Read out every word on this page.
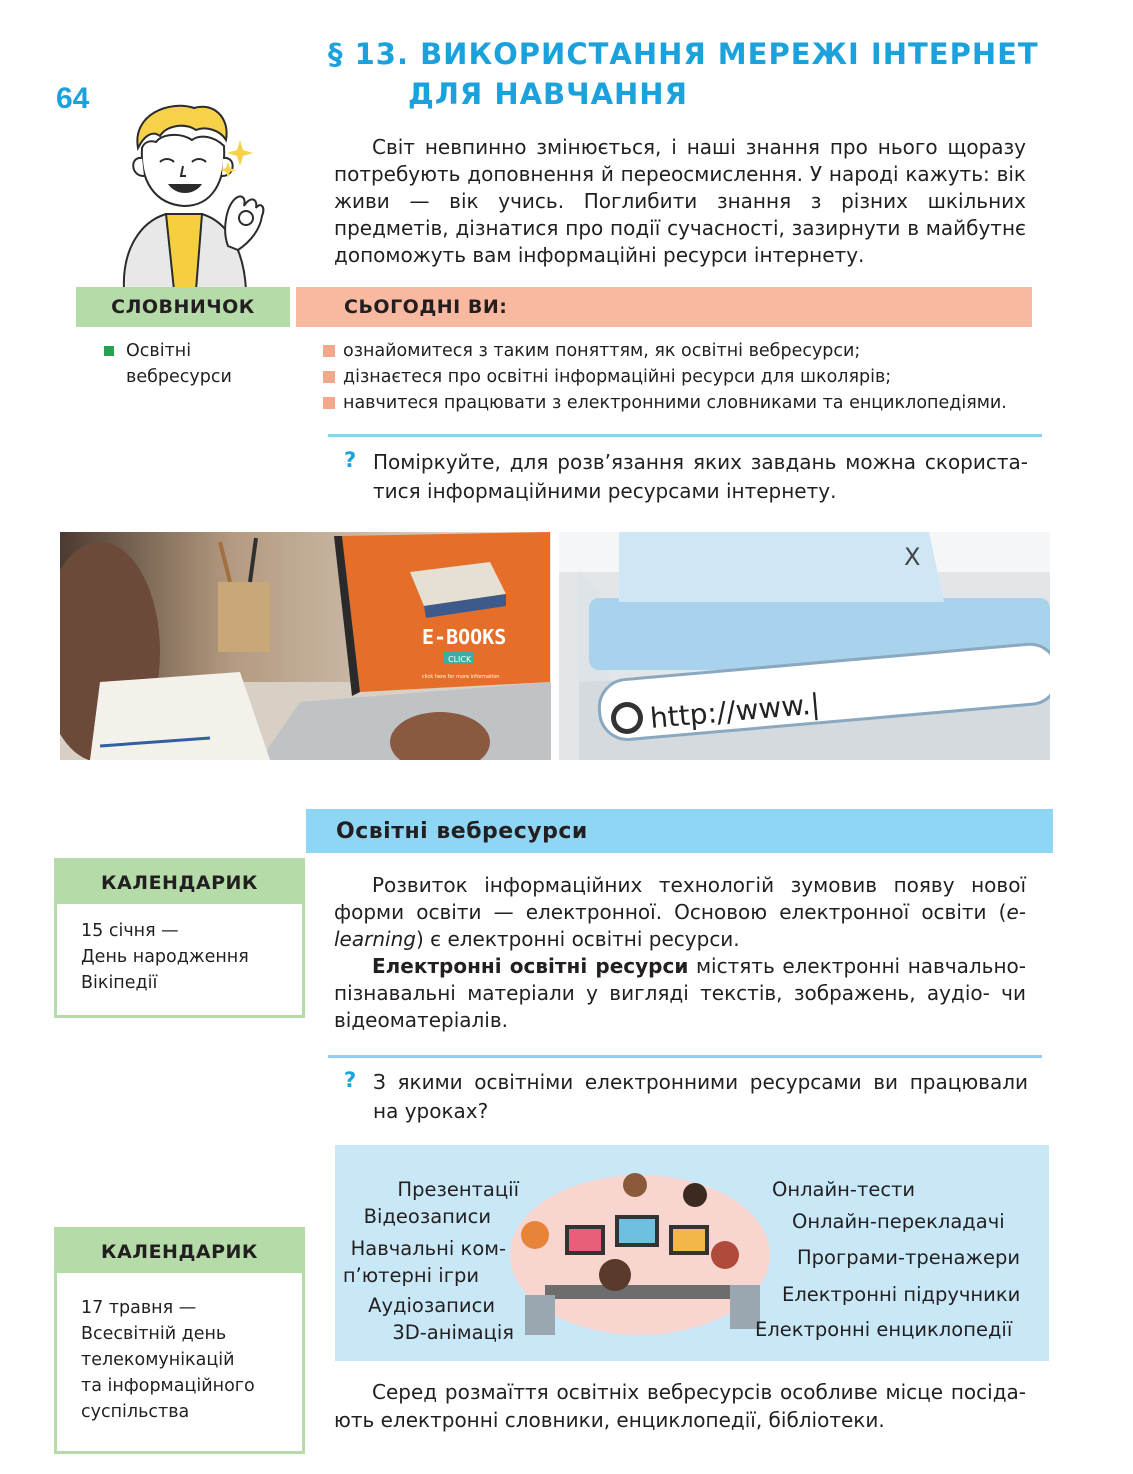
64
§ 13. ВИКОРИСТАННЯ МЕРЕЖІ ІНТЕРНЕТ
ДЛЯ НАВЧАННЯ
Світ невпинно змінюється, і наші знання про нього щоразу потребують доповнення й переосмислення. У народі кажуть: вік живи — вік учись. Поглибити знання з різних шкільних предметів, дізнатися про події сучасності, зазирнути в майбутнє допоможуть вам інформаційні ресурси інтернету.
СЛОВНИЧОК	СЬОГОДНІ ВИ:
Освітні
вебресурси
ознайомитеся з таким поняттям, як освітні вебресурси;
дізнаєтеся про освітні інформаційні ресурси для школярів;
навчитеся працювати з електронними словниками та енциклопедіями.
? Поміркуйте, для розв’язання яких завдань можна скориста- тися інформаційними ресурсами інтернету.
E-BOOKS
CLICK
click here for more information
X
http://www.|
Освітні вебресурси
КАЛЕНДАРИК
15 січня —
День народження
Вікіпедії
Розвиток інформаційних технологій зумовив появу нової форми освіти — електронної. Основою електронної освіти (e-learning) є електронні освітні ресурси.
Електронні освітні ресурси містять електронні навчально-пізнавальні матеріали у вигляді текстів, зображень, аудіо- чи відеоматеріалів.
? З якими освітніми електронними ресурсами ви працювали на уроках?
Презентації
Відеозаписи
Навчальні ком-
п’ютерні ігри
Аудіозаписи
3D-анімація
Онлайн-тести
Онлайн-перекладачі
Програми-тренажери
Електронні підручники
Електронні енциклопедії
КАЛЕНДАРИК
17 травня —
Всесвітній день
телекомунікацій
та інформаційного
суспільства
Серед розмаїття освітніх вебресурсів особливе місце посіда- ють електронні словники, енциклопедії, бібліотеки.
